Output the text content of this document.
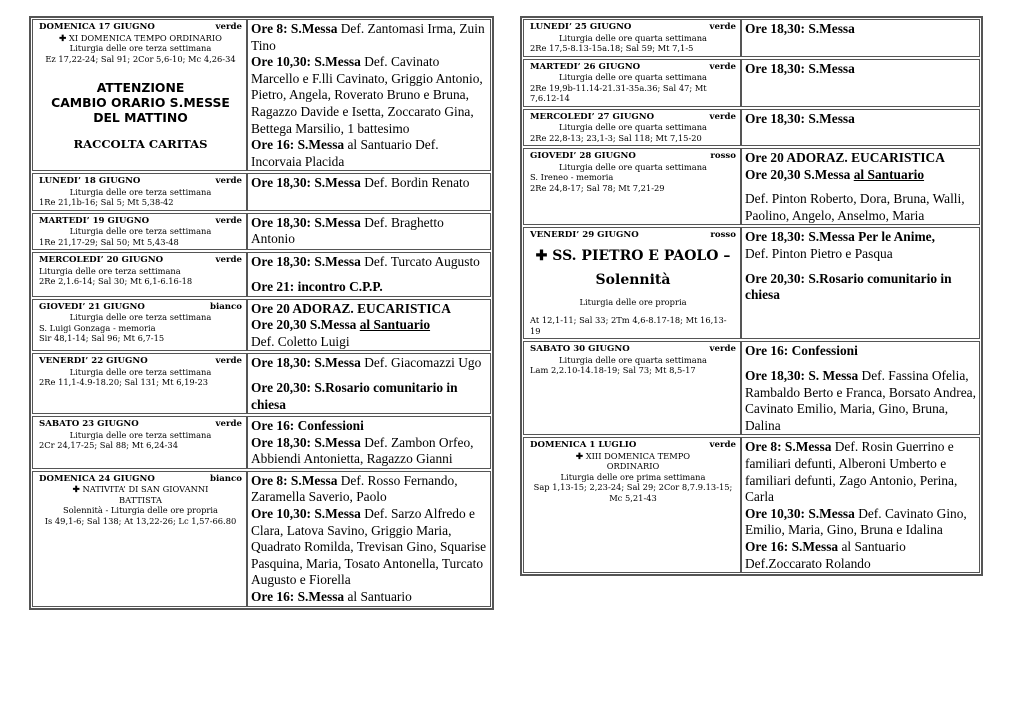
DOMENICA 17 GIUGNO	verde
✚ XI DOMENICA TEMPO ORDINARIO
Liturgia delle ore terza settimana
Ez 17,22-24; Sal 91; 2Cor 5,6-10; Mc 4,26-34
ATTENZIONE
CAMBIO ORARIO S.MESSE
DEL MATTINO
RACCOLTA CARITAS
Ore 8: S.Messa Def. Zantomasi Irma, Zuin Tino
Ore 10,30: S.Messa Def. Cavinato Marcello e F.lli Cavinato, Griggio Antonio, Pietro, Angela, Roverato Bruno e Bruna, Ragazzo Davide e Isetta, Zoccarato Gina, Bettega Marsilio, 1 battesimo
Ore 16: S.Messa al Santuario Def. Incorvaia Placida
LUNEDI’ 18 GIUGNO	verde
Liturgia delle ore terza settimana
1Re 21,1b-16; Sal 5; Mt 5,38-42
Ore 18,30: S.Messa Def. Bordin Renato
MARTEDI’ 19 GIUGNO	verde
Liturgia delle ore terza settimana
1Re 21,17-29; Sal 50; Mt 5,43-48
Ore 18,30: S.Messa Def. Braghetto Antonio
MERCOLEDI’ 20 GIUGNO	verde
Liturgia delle ore terza settimana
2Re 2,1.6-14; Sal 30; Mt 6,1-6.16-18
Ore 18,30: S.Messa Def. Turcato Augusto
Ore 21: incontro C.P.P.
GIOVEDI’ 21 GIUGNO	bianco
Liturgia delle ore terza settimana
S. Luigi Gonzaga - memoria
Sir 48,1-14; Sal 96; Mt 6,7-15
Ore 20 ADORAZ. EUCARISTICA
Ore 20,30 S.Messa al Santuario
Def. Coletto Luigi
VENERDI’ 22 GIUGNO	verde
Liturgia delle ore terza settimana
2Re 11,1-4.9-18.20; Sal 131; Mt 6,19-23
Ore 18,30: S.Messa Def. Giacomazzi Ugo
Ore 20,30: S.Rosario comunitario in chiesa
SABATO 23 GIUGNO	verde
Liturgia delle ore terza settimana
2Cr 24,17-25; Sal 88; Mt 6,24-34
Ore 16: Confessioni
Ore 18,30: S.Messa Def. Zambon Orfeo, Abbiendi Antonietta, Ragazzo Gianni
DOMENICA 24 GIUGNO	bianco
✚ NATIVITA’ DI SAN GIOVANNI
BATTISTA
Solennità - Liturgia delle ore propria
Is 49,1-6; Sal 138; At 13,22-26; Lc 1,57-66.80
Ore 8: S.Messa Def. Rosso Fernando, Zaramella Saverio, Paolo
Ore 10,30: S.Messa Def. Sarzo Alfredo e Clara, Latova Savino, Griggio Maria, Quadrato Romilda, Trevisan Gino, Squarise Pasquina, Maria, Tosato Antonella, Turcato Augusto e Fiorella
Ore 16: S.Messa al Santuario
LUNEDI’ 25 GIUGNO	verde
Liturgia delle ore quarta settimana
2Re 17,5-8.13-15a.18; Sal 59; Mt 7,1-5
Ore 18,30: S.Messa
MARTEDI’ 26 GIUGNO	verde
Liturgia delle ore quarta settimana
2Re 19,9b-11.14-21.31-35a.36; Sal 47; Mt 7,6.12-14
Ore 18,30: S.Messa
MERCOLEDI’ 27 GIUGNO	verde
Liturgia delle ore quarta settimana
2Re 22,8-13; 23,1-3; Sal 118; Mt 7,15-20
Ore 18,30: S.Messa
GIOVEDI’ 28 GIUGNO	rosso
Liturgia delle ore quarta settimana
S. Ireneo - memoria
2Re 24,8-17; Sal 78; Mt 7,21-29
Ore 20 ADORAZ. EUCARISTICA
Ore 20,30 S.Messa al Santuario
Def. Pinton Roberto, Dora, Bruna, Walli, Paolino, Angelo, Anselmo, Maria
VENERDI’ 29 GIUGNO	rosso
✚ SS. PIETRO E PAOLO –
Solennità
Liturgia delle ore propria
At 12,1-11; Sal 33; 2Tm 4,6-8.17-18; Mt 16,13-19
Ore 18,30: S.Messa Per le Anime,
Def. Pinton Pietro e Pasqua
Ore 20,30: S.Rosario comunitario in chiesa
SABATO 30 GIUGNO	verde
Liturgia delle ore quarta settimana
Lam 2,2.10-14.18-19; Sal 73; Mt 8,5-17
Ore 16: Confessioni
Ore 18,30: S. Messa Def. Fassina Ofelia, Rambaldo Berto e Franca, Borsato Andrea, Cavinato Emilio, Maria, Gino, Bruna, Dalina
DOMENICA 1 LUGLIO	verde
✚ XIII DOMENICA TEMPO
ORDINARIO
Liturgia delle ore prima settimana
Sap 1,13-15; 2,23-24; Sal 29; 2Cor 8,7.9.13-15; Mc 5,21-43
Ore 8: S.Messa Def. Rosin Guerrino e familiari defunti, Alberoni Umberto e familiari defunti, Zago Antonio, Perina, Carla
Ore 10,30: S.Messa Def. Cavinato Gino, Emilio, Maria, Gino, Bruna e Idalina
Ore 16: S.Messa al Santuario Def.Zoccarato Rolando
